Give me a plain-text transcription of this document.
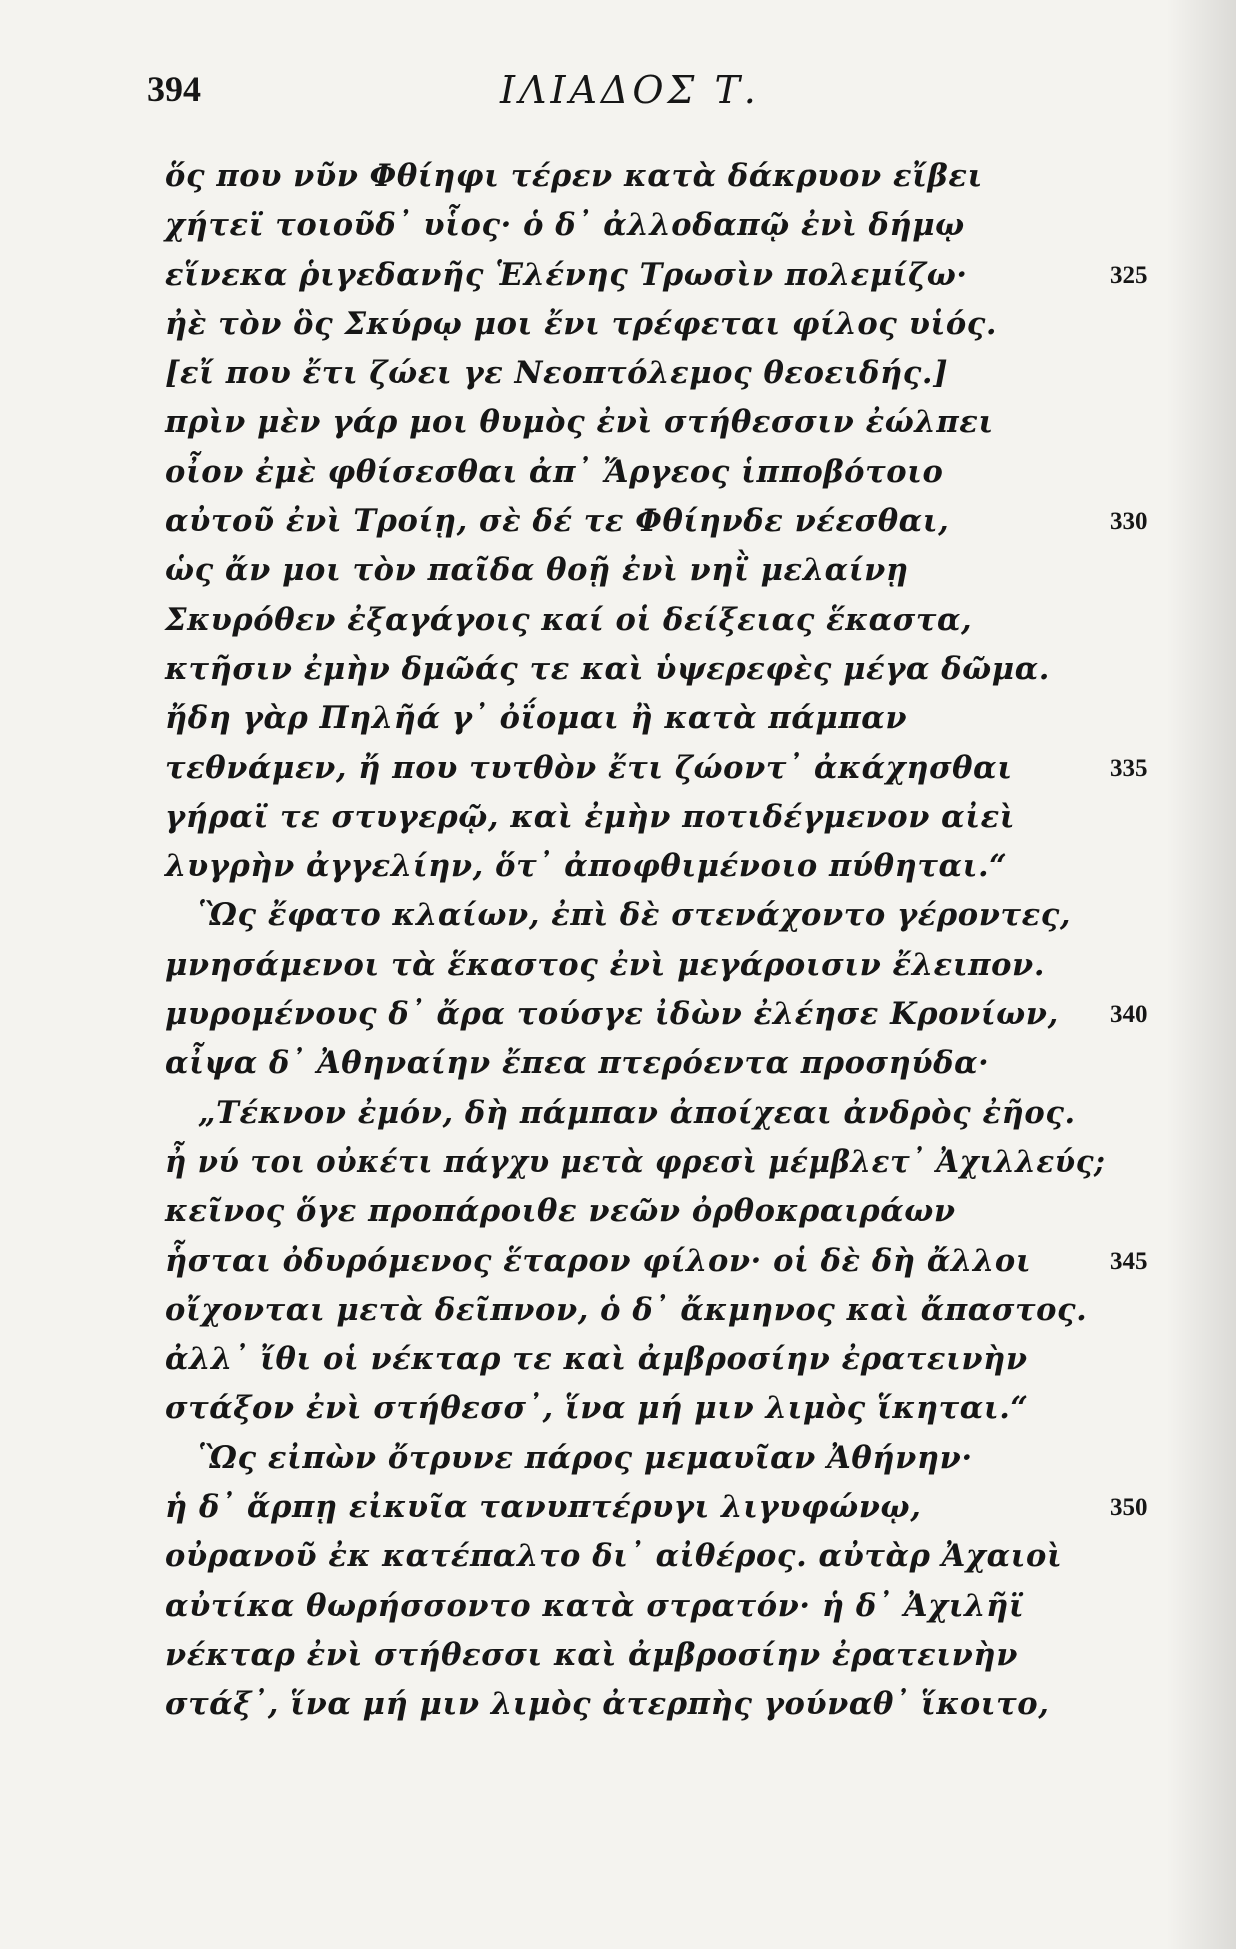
394	ΙΛΙΑΔΟΣ Τ.
ὅς που νῦν Φθίηφι τέρεν κατὰ δάκρυον εἴβει
χήτεϊ τοιοῦδ᾽ υἷος· ὁ δ᾽ ἀλλοδαπῷ ἐνὶ δήμῳ
εἵνεκα ῥιγεδανῆς Ἑλένης Τρωσὶν πολεμίζω·	325
ἠὲ τὸν ὃς Σκύρῳ μοι ἔνι τρέφεται φίλος υἱός.
[εἴ που ἔτι ζώει γε Νεοπτόλεμος θεοειδής.]
πρὶν μὲν γάρ μοι θυμὸς ἐνὶ στήθεσσιν ἐώλπει
οἶον ἐμὲ φθίσεσθαι ἀπ᾽ Ἄργεος ἱπποβότοιο
αὐτοῦ ἐνὶ Τροίῃ, σὲ δέ τε Φθίηνδε νέεσθαι,	330
ὡς ἄν μοι τὸν παῖδα θοῇ ἐνὶ νηῒ μελαίνῃ
Σκυρόθεν ἐξαγάγοις καί οἱ δείξειας ἕκαστα,
κτῆσιν ἐμὴν δμῶάς τε καὶ ὑψερεφὲς μέγα δῶμα.
ἤδη γὰρ Πηλῆά γ᾽ ὀΐομαι ἢ κατὰ πάμπαν
τεθνάμεν, ἤ που τυτθὸν ἔτι ζώοντ᾽ ἀκάχησθαι	335
γήραϊ τε στυγερῷ, καὶ ἐμὴν ποτιδέγμενον αἰεὶ
λυγρὴν ἀγγελίην, ὅτ᾽ ἀποφθιμένοιο πύθηται.“
Ὣς ἔφατο κλαίων, ἐπὶ δὲ στενάχοντο γέροντες,
μνησάμενοι τὰ ἕκαστος ἐνὶ μεγάροισιν ἔλειπον.
μυρομένους δ᾽ ἄρα τούσγε ἰδὼν ἐλέησε Κρονίων, 340
αἶψα δ᾽ Ἀθηναίην ἔπεα πτερόεντα προσηύδα·
„Τέκνον ἐμόν, δὴ πάμπαν ἀποίχεαι ἀνδρὸς ἐῆος.
ἦ νύ τοι οὐκέτι πάγχυ μετὰ φρεσὶ μέμβλετ᾽ Ἀχιλλεύς;
κεῖνος ὅγε προπάροιθε νεῶν ὀρθοκραιράων
ἧσται ὀδυρόμενος ἕταρον φίλον· οἱ δὲ δὴ ἄλλοι	345
οἴχονται μετὰ δεῖπνον, ὁ δ᾽ ἄκμηνος καὶ ἄπαστος.
ἀλλ᾽ ἴθι οἱ νέκταρ τε καὶ ἀμβροσίην ἐρατεινὴν
στάξον ἐνὶ στήθεσσ᾽, ἵνα μή μιν λιμὸς ἵκηται.“
Ὣς εἰπὼν ὄτρυνε πάρος μεμαυῖαν Ἀθήνην·
ἡ δ᾽ ἅρπῃ εἰκυῖα τανυπτέρυγι λιγυφώνῳ,	350
οὐρανοῦ ἐκ κατέπαλτο δι᾽ αἰθέρος. αὐτὰρ Ἀχαιοὶ
αὐτίκα θωρήσσοντο κατὰ στρατόν· ἡ δ᾽ Ἀχιλῆϊ
νέκταρ ἐνὶ στήθεσσι καὶ ἀμβροσίην ἐρατεινὴν
στάξ᾽, ἵνα μή μιν λιμὸς ἀτερπὴς γούναθ᾽ ἵκοιτο,
